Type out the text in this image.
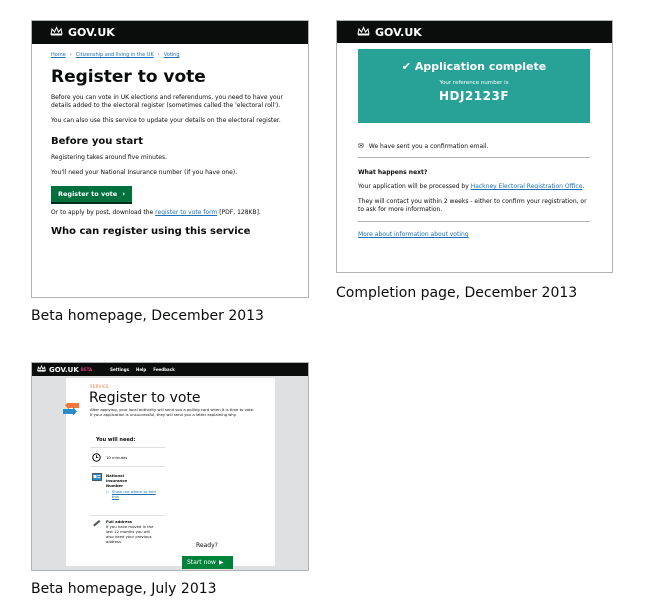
GOV.UK
Home › Citizenship and living in the UK › Voting
Register to vote

Before you can vote in UK elections and referendums, you need to have your details added to the electoral register (sometimes called the 'electoral roll').

You can also use this service to update your details on the electoral register.

Before you start

Registering takes around five minutes.

You'll need your National Insurance number (if you have one).

Register to vote ›

Or to apply by post, download the register to vote form [PDF, 128KB].

Who can register using this service
Beta homepage, December 2013
GOV.UK
✔ Application complete
Your reference number is
HDJ2123F
✉ We have sent you a confirmation email.
What happens next?

Your application will be processed by Hackney Electoral Registration Office.

They will contact you within 2 weeks - either to confirm your registration, or to ask for more information.

More about information about voting
Completion page, December 2013
GOV.UK BETA	Settings Help Feedback
SERVICE
Register to vote
After applying, your local authority will send you a polling card when it is time to vote. If your application is unsuccessful, they will send you a letter explaining why.
You will need:
10 minutes
National Insurance Number
▷ Show me where to find this
Full address
If you have moved in the last 12 months you will also need your previous address.
Ready?
Start now ▶
Beta homepage, July 2013
